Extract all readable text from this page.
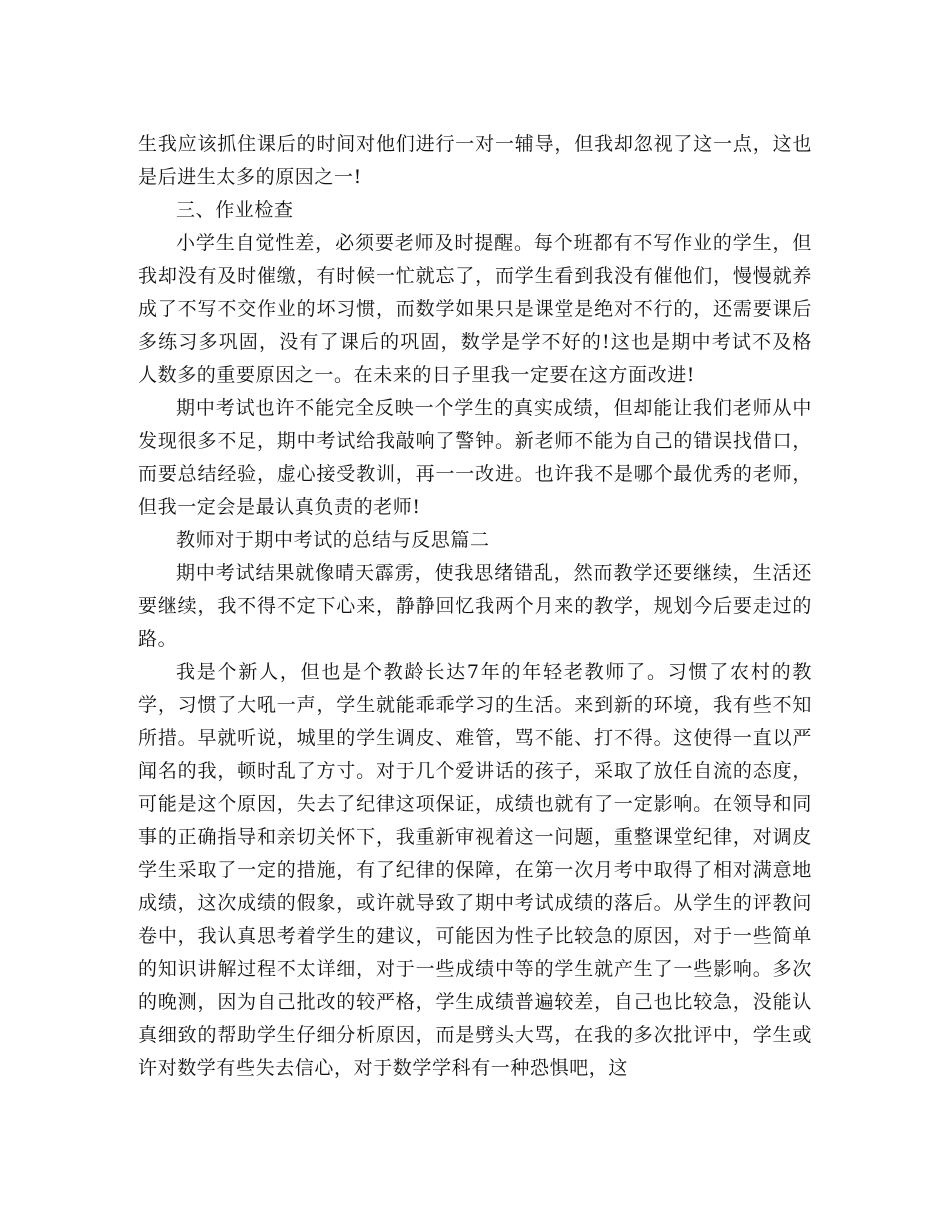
生我应该抓住课后的时间对他们进行一对一辅导，但我却忽视了这一点，这也是后进生太多的原因之一!

三、作业检查

小学生自觉性差，必须要老师及时提醒。每个班都有不写作业的学生，但我却没有及时催缴，有时候一忙就忘了，而学生看到我没有催他们，慢慢就养成了不写不交作业的坏习惯，而数学如果只是课堂是绝对不行的，还需要课后多练习多巩固，没有了课后的巩固，数学是学不好的!这也是期中考试不及格人数多的重要原因之一。在未来的日子里我一定要在这方面改进!

期中考试也许不能完全反映一个学生的真实成绩，但却能让我们老师从中发现很多不足，期中考试给我敲响了警钟。新老师不能为自己的错误找借口，而要总结经验，虚心接受教训，再一一改进。也许我不是哪个最优秀的老师，但我一定会是最认真负责的老师!

教师对于期中考试的总结与反思篇二

期中考试结果就像晴天霹雳，使我思绪错乱，然而教学还要继续，生活还要继续，我不得不定下心来，静静回忆我两个月来的教学，规划今后要走过的路。

我是个新人，但也是个教龄长达7年的年轻老教师了。习惯了农村的教学，习惯了大吼一声，学生就能乖乖学习的生活。来到新的环境，我有些不知所措。早就听说，城里的学生调皮、难管，骂不能、打不得。这使得一直以严闻名的我，顿时乱了方寸。对于几个爱讲话的孩子，采取了放任自流的态度，可能是这个原因，失去了纪律这项保证，成绩也就有了一定影响。在领导和同事的正确指导和亲切关怀下，我重新审视着这一问题，重整课堂纪律，对调皮学生采取了一定的措施，有了纪律的保障，在第一次月考中取得了相对满意地成绩，这次成绩的假象，或许就导致了期中考试成绩的落后。从学生的评教问卷中，我认真思考着学生的建议，可能因为性子比较急的原因，对于一些简单的知识讲解过程不太详细，对于一些成绩中等的学生就产生了一些影响。多次的晚测，因为自己批改的较严格，学生成绩普遍较差，自己也比较急，没能认真细致的帮助学生仔细分析原因，而是劈头大骂，在我的多次批评中，学生或许对数学有些失去信心，对于数学学科有一种恐惧吧，这
